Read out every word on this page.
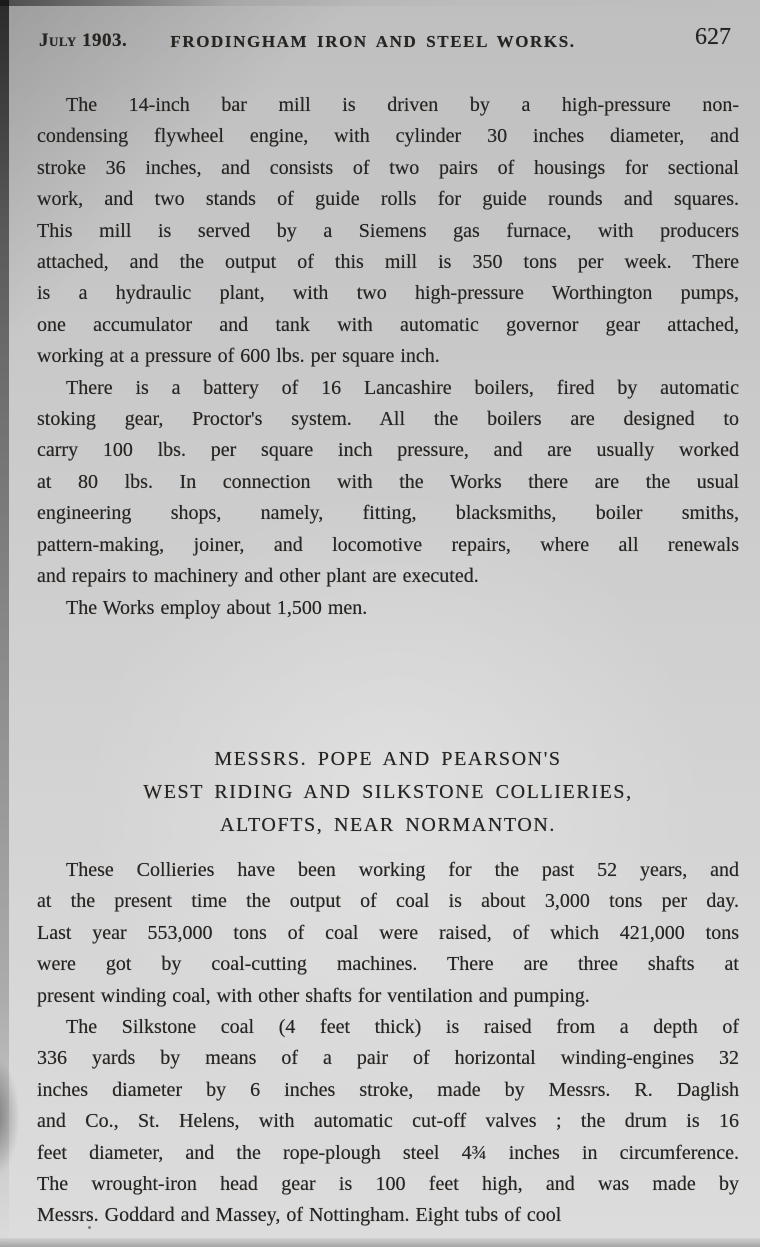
July 1903.	FRODINGHAM IRON AND STEEL WORKS.	627
The 14-inch bar mill is driven by a high-pressure non-
condensing flywheel engine, with cylinder 30 inches diameter, and
stroke 36 inches, and consists of two pairs of housings for sectional
work, and two stands of guide rolls for guide rounds and squares.
This mill is served by a Siemens gas furnace, with producers
attached, and the output of this mill is 350 tons per week. There
is a hydraulic plant, with two high-pressure Worthington pumps,
one accumulator and tank with automatic governor gear attached,
working at a pressure of 600 lbs. per square inch.
There is a battery of 16 Lancashire boilers, fired by automatic
stoking gear, Proctor's system. All the boilers are designed to
carry 100 lbs. per square inch pressure, and are usually worked
at 80 lbs. In connection with the Works there are the usual
engineering shops, namely, fitting, blacksmiths, boiler smiths,
pattern-making, joiner, and locomotive repairs, where all renewals
and repairs to machinery and other plant are executed.
The Works employ about 1,500 men.
MESSRS. POPE AND PEARSON'S
WEST RIDING AND SILKSTONE COLLIERIES,
ALTOFTS, NEAR NORMANTON.
These Collieries have been working for the past 52 years, and
at the present time the output of coal is about 3,000 tons per day.
Last year 553,000 tons of coal were raised, of which 421,000 tons
were got by coal-cutting machines. There are three shafts at
present winding coal, with other shafts for ventilation and pumping.
The Silkstone coal (4 feet thick) is raised from a depth of
336 yards by means of a pair of horizontal winding-engines 32
inches diameter by 6 inches stroke, made by Messrs. R. Daglish
and Co., St. Helens, with automatic cut-off valves ; the drum is 16
feet diameter, and the rope-plough steel 4¾ inches in circumference.
The wrought-iron head gear is 100 feet high, and was made by
Messrs. Goddard and Massey, of Nottingham. Eight tubs of cool
